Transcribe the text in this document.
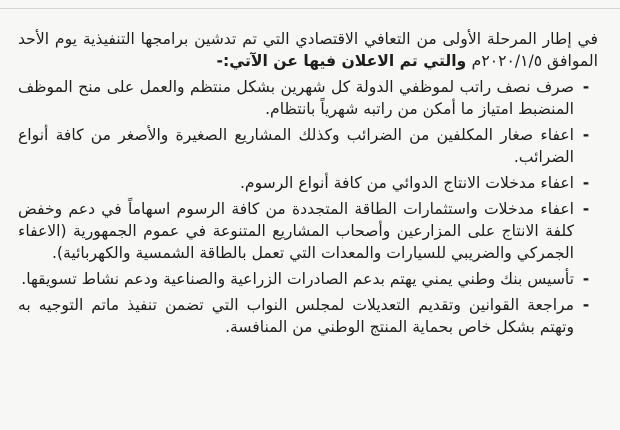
في إطار المرحلة الأولى من التعافي الاقتصادي التي تم تدشين برامجها التنفيذية يوم الأحد الموافق ٢٠٢٠/١/٥م والتي تم الاعلان فيها عن الآتي:-

-
صرف نصف راتب لموظفي الدولة كل شهرين بشكل منتظم والعمل على منح الموظف المنضبط امتياز ما أمكن من راتبه شهرياً بانتظام.
-
اعفاء صغار المكلفين من الضرائب وكذلك المشاريع الصغيرة والأصغر من كافة أنواع الضرائب.
-
اعفاء مدخلات الانتاج الدوائي من كافة أنواع الرسوم.
-
اعفاء مدخلات واستثمارات الطاقة المتجددة من كافة الرسوم اسهاماً في دعم وخفض كلفة الانتاج على المزارعين وأصحاب المشاريع المتنوعة في عموم الجمهورية (الاعفاء الجمركي والضريبي للسيارات والمعدات التي تعمل بالطاقة الشمسية والكهربائية).
-
تأسيس بنك وطني يمني يهتم بدعم الصادرات الزراعية والصناعية ودعم نشاط تسويقها.
-
مراجعة القوانين وتقديم التعديلات لمجلس النواب التي تضمن تنفيذ ماتم التوجيه به وتهتم بشكل خاص بحماية المنتج الوطني من المنافسة.
